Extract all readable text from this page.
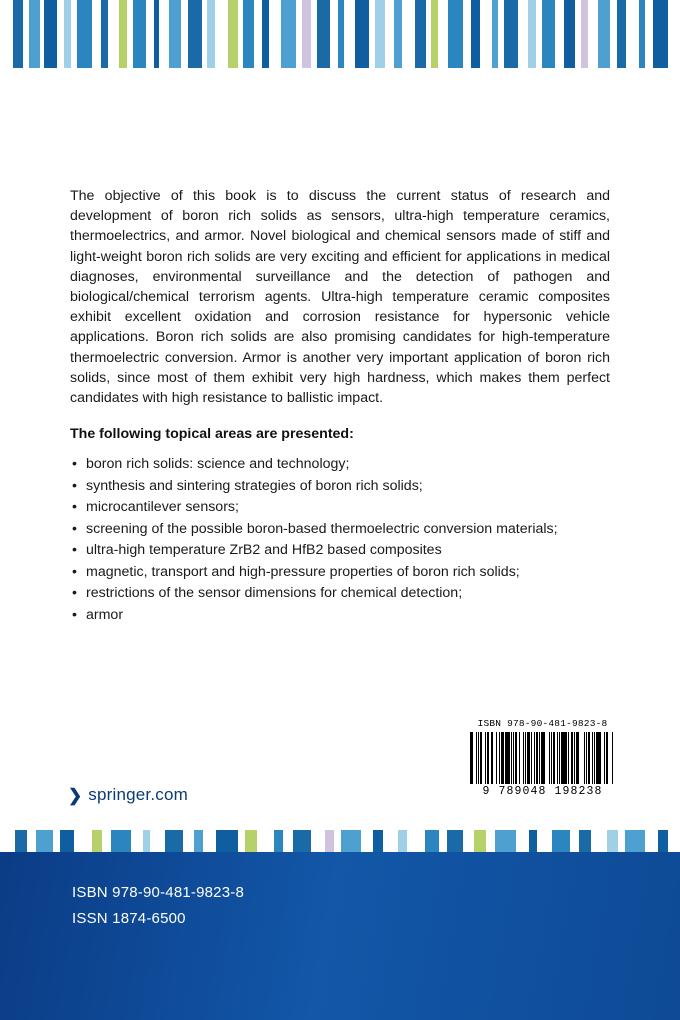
The objective of this book is to discuss the current status of research and development of boron rich solids as sensors, ultra-high temperature ceramics, thermoelectrics, and armor. Novel biological and chemical sensors made of stiff and light-weight boron rich solids are very exciting and efficient for applications in medical diagnoses, environmental surveillance and the detection of pathogen and biological/chemical terrorism agents. Ultra-high temperature ceramic composites exhibit excellent oxidation and corrosion resistance for hypersonic vehicle applications. Boron rich solids are also promising candidates for high-temperature thermoelectric conversion. Armor is another very important application of boron rich solids, since most of them exhibit very high hardness, which makes them perfect candidates with high resistance to ballistic impact.

The following topical areas are presented:

• boron rich solids: science and technology;
• synthesis and sintering strategies of boron rich solids;
• microcantilever sensors;
• screening of the possible boron-based thermoelectric conversion materials;
• ultra-high temperature ZrB2 and HfB2 based composites
• magnetic, transport and high-pressure properties of boron rich solids;
• restrictions of the sensor dimensions for chemical detection;
• armor
❯ springer.com
ISBN 978-90-481-9823-8
9 789048 198238
ISBN 978-90-481-9823-8
ISSN 1874-6500
